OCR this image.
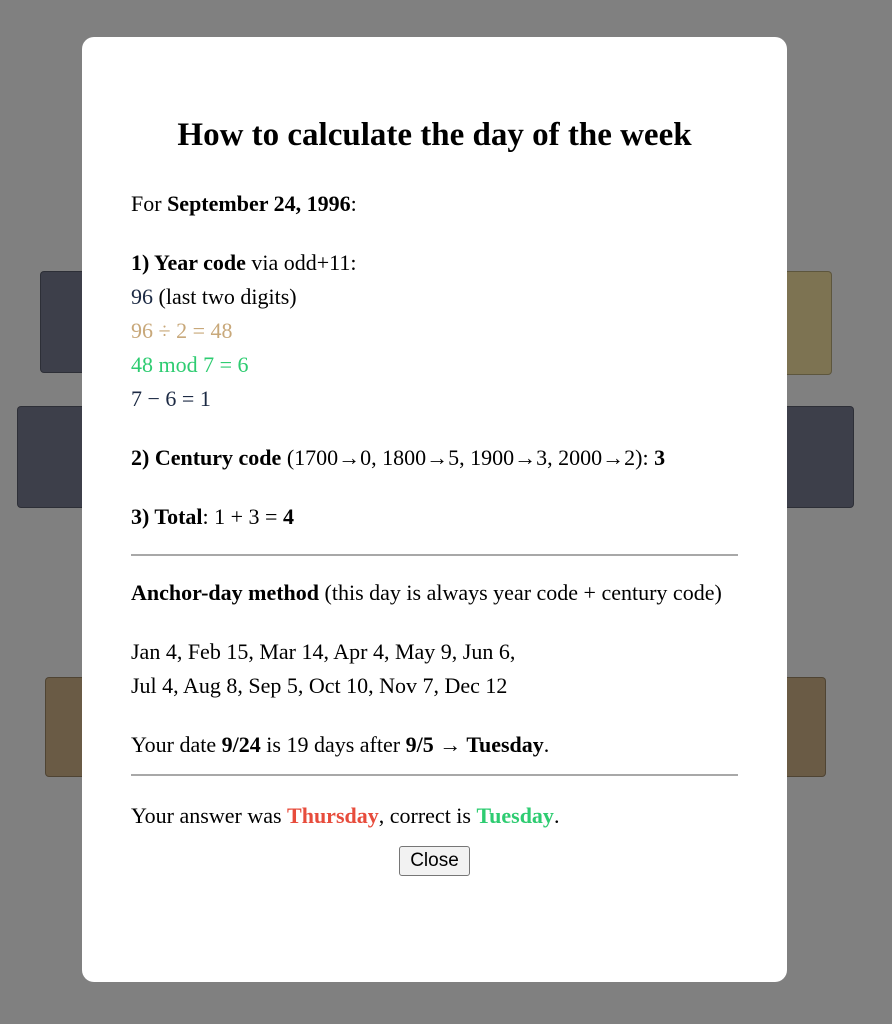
How to calculate the day of the week

For September 24, 1996:

1) Year code via odd+11:

96 (last two digits)

96 ÷ 2 = 48

48 mod 7 = 6

7 − 6 = 1

2) Century code (1700→0, 1800→5, 1900→3, 2000→2): 3

3) Total: 1 + 3 = 4

Anchor-day method (this day is always year code + century code)

Jan 4, Feb 15, Mar 14, Apr 4, May 9, Jun 6,

Jul 4, Aug 8, Sep 5, Oct 10, Nov 7, Dec 12

Your date 9/24 is 19 days after 9/5 → Tuesday.

Your answer was Thursday, correct is Tuesday.

Close
